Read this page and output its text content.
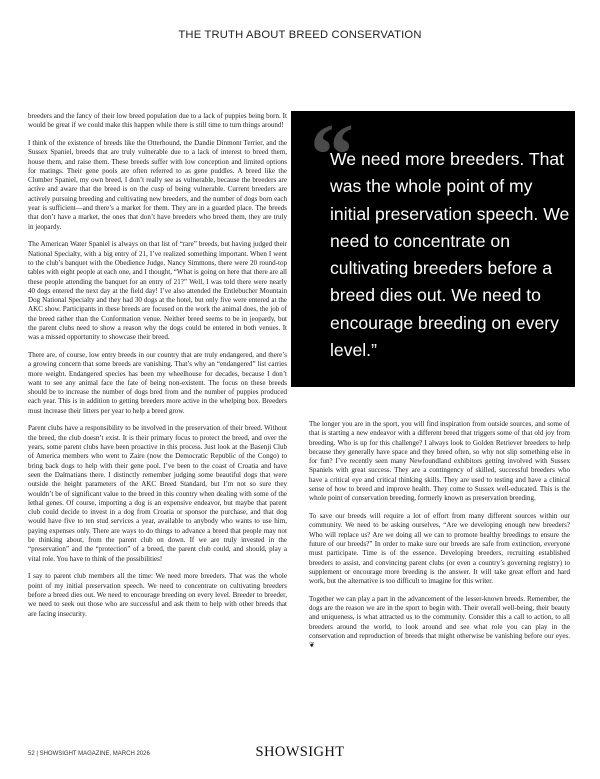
THE TRUTH ABOUT BREED CONSERVATION

breeders and the fancy of their low breed population due to a lack of puppies being born. It would be great if we could make this happen while there is still time to turn things around!

I think of the existence of breeds like the Otterhound, the Dandie Dinmont Terrier, and the Sussex Spaniel, breeds that are truly vulnerable due to a lack of interest to breed them, house them, and raise them. These breeds suffer with low conception and limited options for matings. Their gene pools are often referred to as gene puddles. A breed like the Clumber Spaniel, my own breed, I don’t really see as vulnerable, because the breeders are active and aware that the breed is on the cusp of being vulnerable. Current breeders are actively pursuing breeding and cultivating new breeders, and the number of dogs born each year is sufficient—and there’s a market for them. They are in a guarded place. The breeds that don’t have a market, the ones that don’t have breeders who breed them, they are truly in jeopardy.

The American Water Spaniel is always on that list of “rare” breeds, but having judged their National Specialty, with a big entry of 21, I’ve realized something important. When I went to the club’s banquet with the Obedience Judge, Nancy Simmons, there were 20 round-top tables with eight people at each one, and I thought, “What is going on here that there are all these people attending the banquet for an entry of 21?” Well, I was told there were nearly 40 dogs entered the next day at the field day! I’ve also attended the Entlebucher Mountain Dog National Specialty and they had 30 dogs at the hotel, but only five were entered at the AKC show. Participants in these breeds are focused on the work the animal does, the job of the breed rather than the Conformation venue. Neither breed seems to be in jeopardy, but the parent clubs need to show a reason why the dogs could be entered in both venues. It was a missed opportunity to showcase their breed.

There are, of course, low entry breeds in our country that are truly endangered, and there’s a growing concern that some breeds are vanishing. That’s why an “endangered” list carries more weight. Endangered species has been my wheelhouse for decades, because I don’t want to see any animal face the fate of being non-existent. The focus on these breeds should be to increase the number of dogs bred from and the number of puppies produced each year. This is in addition to getting breeders more active in the whelping box. Breeders must increase their litters per year to help a breed grow.

Parent clubs have a responsibility to be involved in the preservation of their breed. Without the breed, the club doesn’t exist. It is their primary focus to protect the breed, and over the years, some parent clubs have been proactive in this process. Just look at the Basenji Club of America members who went to Zaire (now the Democratic Republic of the Congo) to bring back dogs to help with their gene pool. I’ve been to the coast of Croatia and have seen the Dalmatians there. I distinctly remember judging some beautiful dogs that were outside the height parameters of the AKC Breed Standard, but I’m not so sure they wouldn’t be of significant value to the breed in this country when dealing with some of the lethal genes. Of course, importing a dog is an expensive endeavor, but maybe that parent club could decide to invest in a dog from Croatia or sponsor the purchase, and that dog would have five to ten stud services a year, available to anybody who wants to use him, paying expenses only. There are ways to do things to advance a breed that people may not be thinking about, from the parent club on down. If we are truly invested in the “preservation” and the “protection” of a breed, the parent club could, and should, play a vital role. You have to think of the possibilities!

I say to parent club members all the time: We need more breeders. That was the whole point of my initial preservation speech. We need to concentrate on cultivating breeders before a breed dies out. We need to encourage breeding on every level. Breeder to breeder, we need to seek out those who are successful and ask them to help with other breeds that are facing insecurity.

“
We need more breeders. That was the whole point of my initial preservation speech. We need to concentrate on cultivating breeders before a breed dies out. We need to encourage breeding on every level.”

The longer you are in the sport, you will find inspiration from outside sources, and some of that is starting a new endeavor with a different breed that triggers some of that old joy from breeding. Who is up for this challenge? I always look to Golden Retriever breeders to help because they generally have space and they breed often, so why not slip something else in for fun? I’ve recently seen many Newfoundland exhibitors getting involved with Sussex Spaniels with great success. They are a contingency of skilled, successful breeders who have a critical eye and critical thinking skills. They are used to testing and have a clinical sense of how to breed and improve health. They come to Sussex well-educated. This is the whole point of conservation breeding, formerly known as preservation breeding.

To save our breeds will require a lot of effort from many different sources within our community. We need to be asking ourselves, “Are we developing enough new breeders? Who will replace us? Are we doing all we can to promote healthy breedings to ensure the future of our breeds?” In order to make sure our breeds are safe from extinction, everyone must participate. Time is of the essence. Developing breeders, recruiting established breeders to assist, and convincing parent clubs (or even a country’s governing registry) to supplement or encourage more breeding is the answer. It will take great effort and hard work, but the alternative is too difficult to imagine for this writer.

Together we can play a part in the advancement of the lesser-known breeds. Remember, the dogs are the reason we are in the sport to begin with. Their overall well-being, their beauty and uniqueness, is what attracted us to the community. Consider this a call to action, to all breeders around the world, to look around and see what role you can play in the conservation and reproduction of breeds that might otherwise be vanishing before our eyes. ❦

52 | SHOWSIGHT MAGAZINE, MARCH 2026	SHOWSIGHT
